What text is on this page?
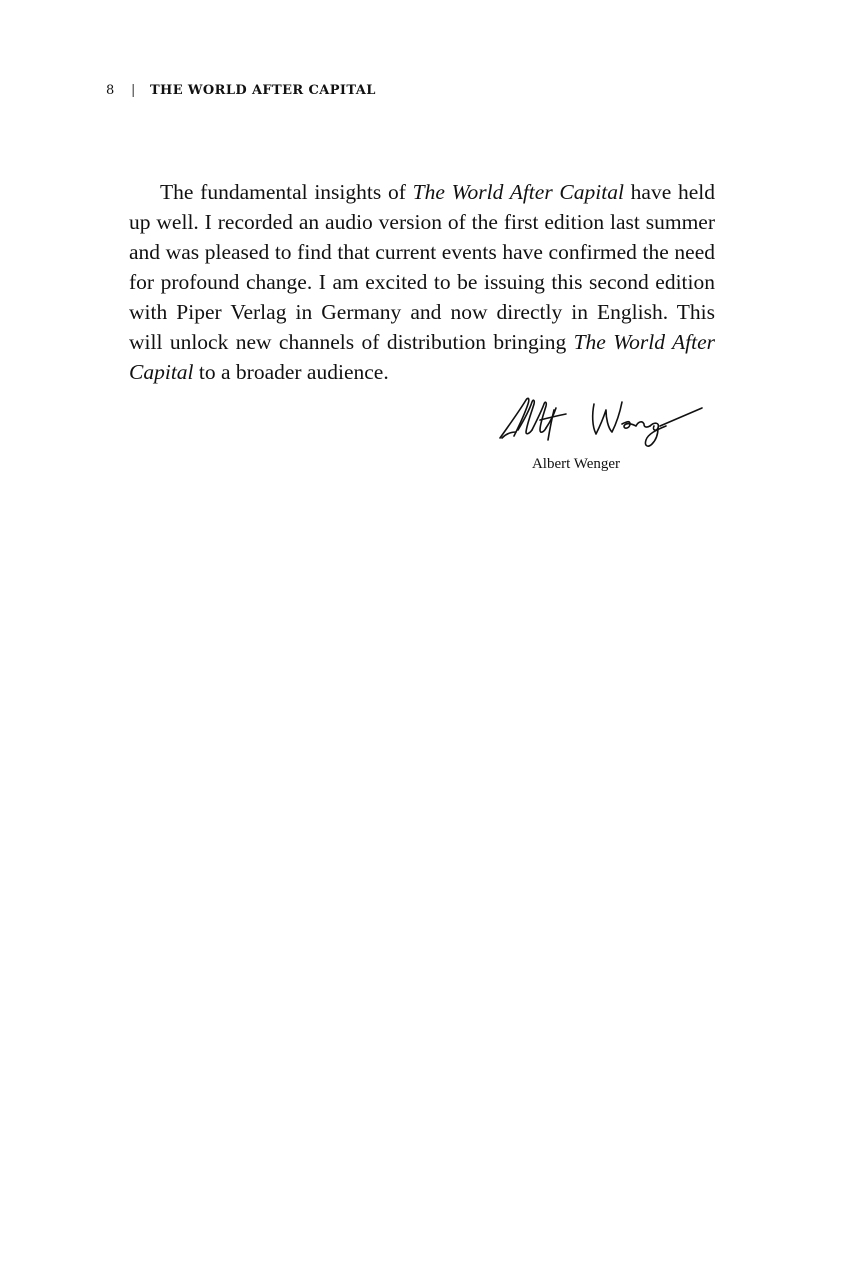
8 | THE WORLD AFTER CAPITAL

The fundamental insights of The World After Capital have held up well. I recorded an audio version of the first edition last summer and was pleased to find that current events have confirmed the need for profound change. I am excited to be issuing this second edition with Piper Verlag in Germany and now directly in English. This will unlock new channels of distribution bringing The World After Capital to a broader audience.

Albert Wenger
